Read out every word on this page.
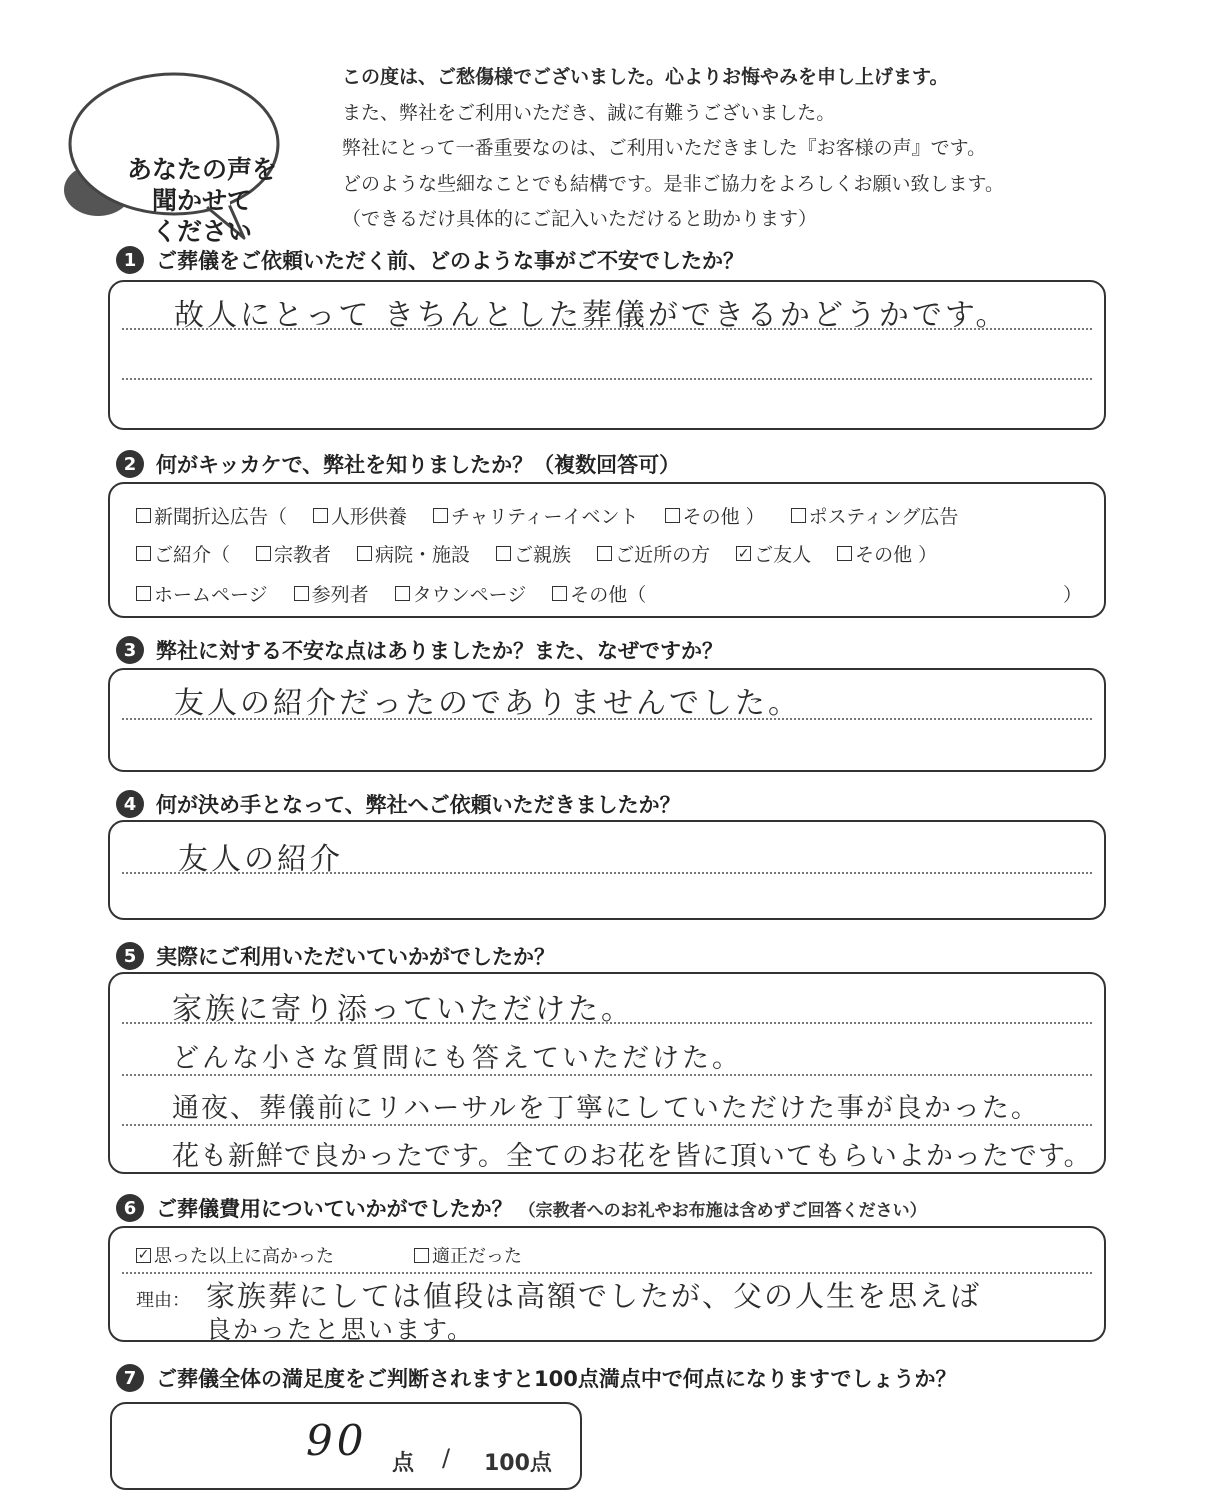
あなたの声を
聞かせて
ください
この度は、ご愁傷様でございました。心よりお悔やみを申し上げます。
また、弊社をご利用いただき、誠に有難うございました。
弊社にとって一番重要なのは、ご利用いただきました『お客様の声』です。
どのような些細なことでも結構です。是非ご協力をよろしくお願い致します。
（できるだけ具体的にご記入いただけると助かります）
1 ご葬儀をご依頼いただく前、どのような事がご不安でしたか？
故人にとって きちんとした葬儀ができるかどうかです。
2 何がキッカケで、弊社を知りましたか？（複数回答可）
新聞折込広告（ 人形供養 チャリティーイベント その他 ） ポスティング広告
ご紹介（ 宗教者 病院・施設 ご親族 ご近所の方 ✓ ご友人 その他 ）
ホームページ 参列者 タウンページ その他（	）
3 弊社に対する不安な点はありましたか？また、なぜですか？
友人の紹介だったのでありませんでした。
4 何が決め手となって、弊社へご依頼いただきましたか？
友人の紹介
5 実際にご利用いただいていかがでしたか？
家族に寄り添っていただけた。
どんな小さな質問にも答えていただけた。
通夜、葬儀前にリハーサルを丁寧にしていただけた事が良かった。
花も新鮮で良かったです。全てのお花を皆に頂いてもらいよかったです。
6 ご葬儀費用についていかがでしたか？ （宗教者へのお礼やお布施は含めずご回答ください）
✓ 思った以上に高かった	適正だった
理由： 家族葬にしては値段は高額でしたが、父の人生を思えば
良かったと思います。
7 ご葬儀全体の満足度をご判断されますと100点満点中で何点になりますでしょうか？
90 点 / 100点
